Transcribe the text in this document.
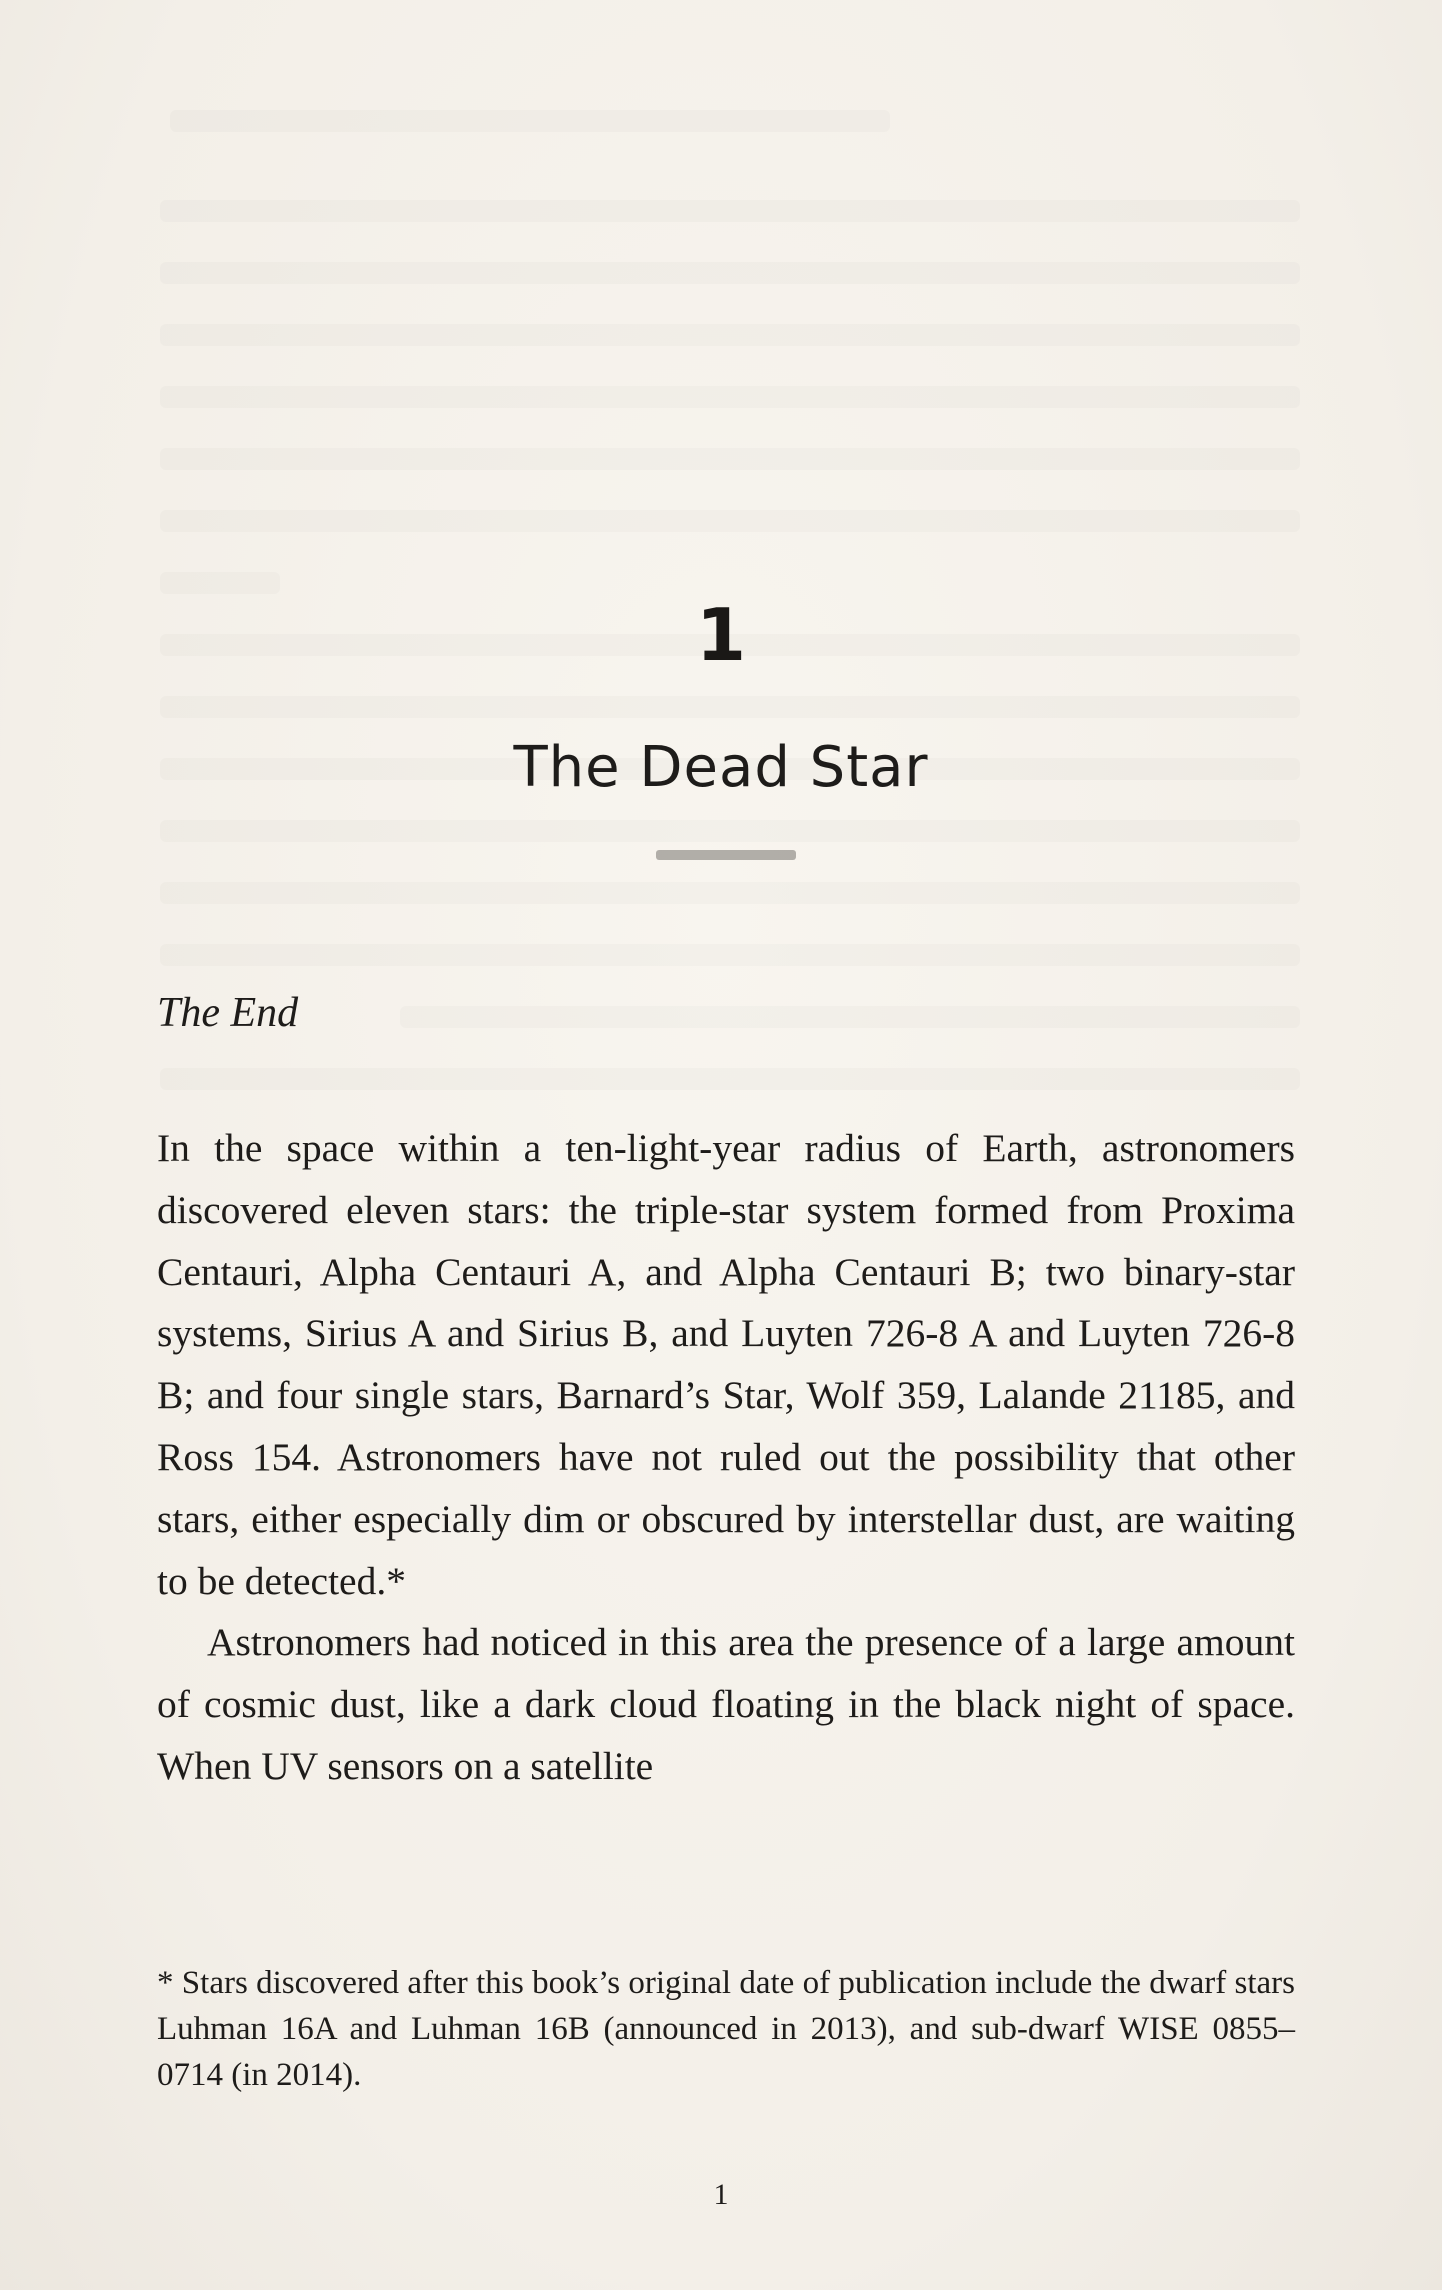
1
The Dead Star
The End

In the space within a ten-light-year radius of Earth, astronomers discovered eleven stars: the triple-star system formed from Proxima Centauri, Alpha Centauri A, and Alpha Centauri B; two binary-star systems, Sirius A and Sirius B, and Luyten 726-8 A and Luyten 726-8 B; and four single stars, Barnard’s Star, Wolf 359, Lalande 21185, and Ross 154. Astronomers have not ruled out the possibility that other stars, either especially dim or obscured by interstellar dust, are waiting to be detected.*

Astronomers had noticed in this area the presence of a large amount of cosmic dust, like a dark cloud floating in the black night of space. When UV sensors on a satellite

* Stars discovered after this book’s original date of publication include the dwarf stars Luhman 16A and Luhman 16B (announced in 2013), and sub-dwarf WISE 0855–0714 (in 2014).
1
